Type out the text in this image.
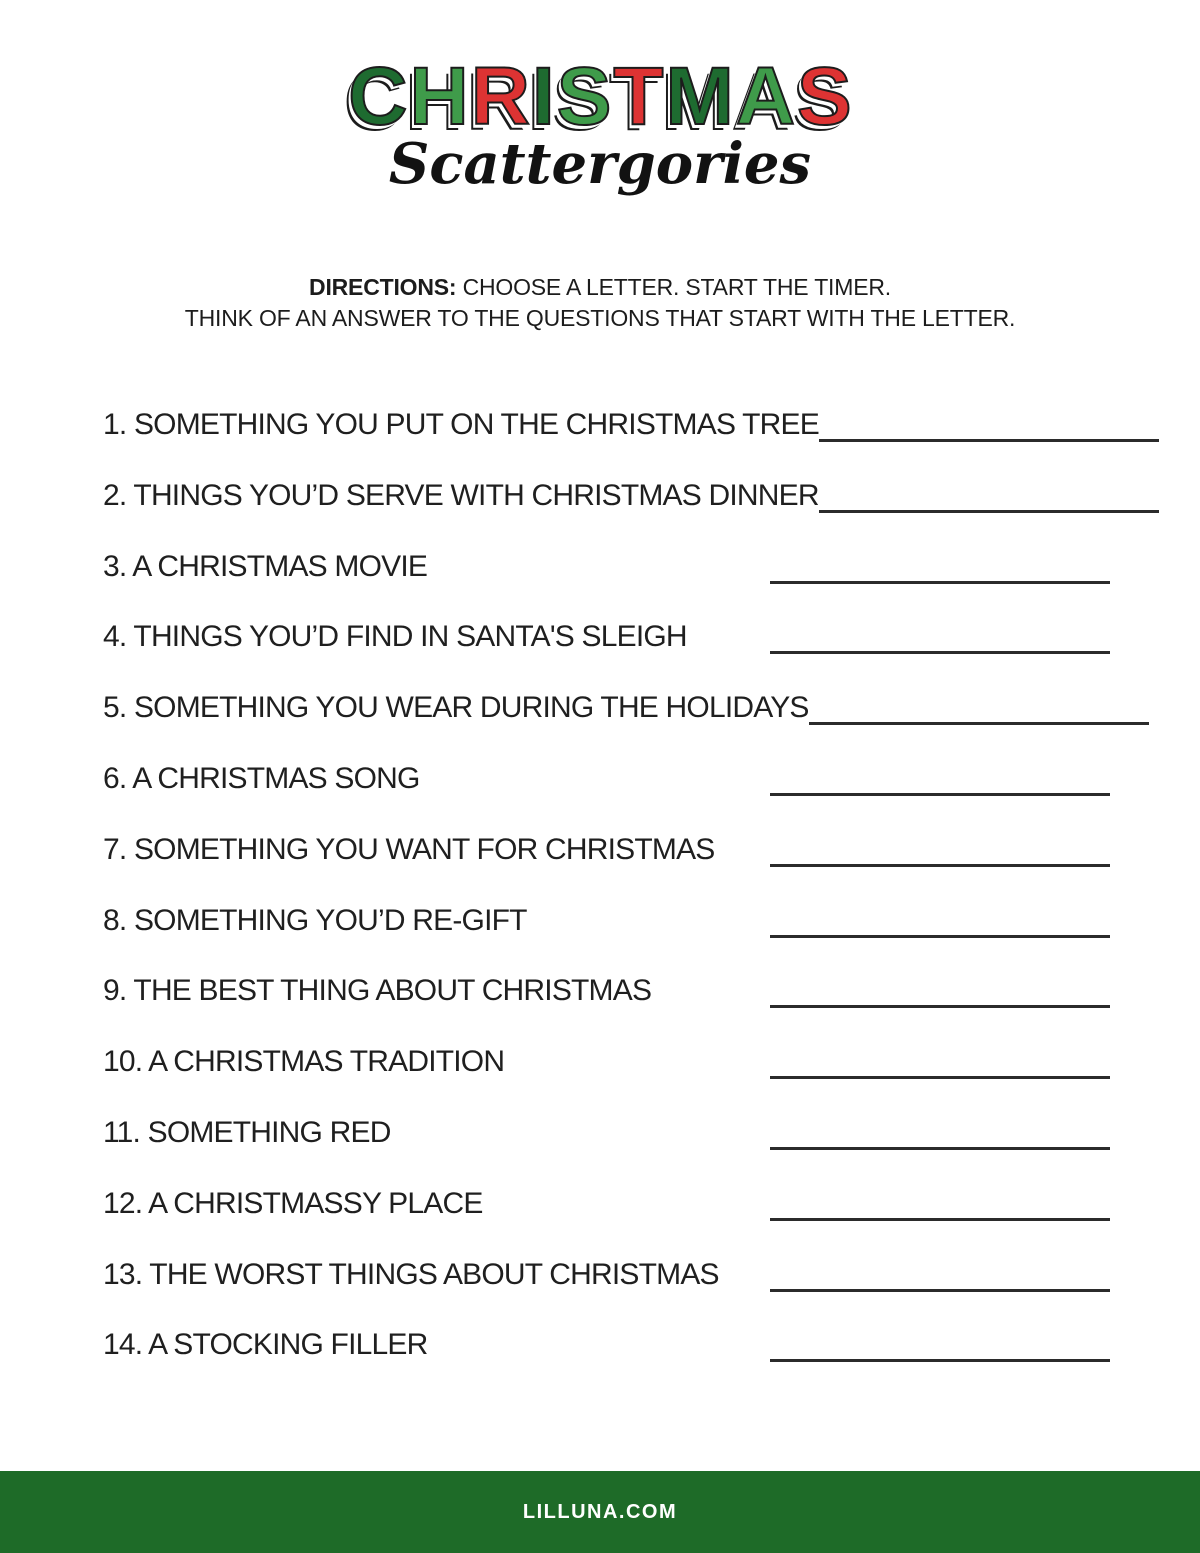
CHRISTMAS
Scattergories

DIRECTIONS: CHOOSE A LETTER. START THE TIMER.

THINK OF AN ANSWER TO THE QUESTIONS THAT START WITH THE LETTER.

1. SOMETHING YOU PUT ON THE CHRISTMAS TREE
2. THINGS YOU’D SERVE WITH CHRISTMAS DINNER
3. A CHRISTMAS MOVIE
4. THINGS YOU’D FIND IN SANTA'S SLEIGH
5. SOMETHING YOU WEAR DURING THE HOLIDAYS
6. A CHRISTMAS SONG
7. SOMETHING YOU WANT FOR CHRISTMAS
8. SOMETHING YOU’D RE-GIFT
9. THE BEST THING ABOUT CHRISTMAS
10. A CHRISTMAS TRADITION
11. SOMETHING RED
12. A CHRISTMASSY PLACE
13. THE WORST THINGS ABOUT CHRISTMAS
14. A STOCKING FILLER
LILLUNA.COM
